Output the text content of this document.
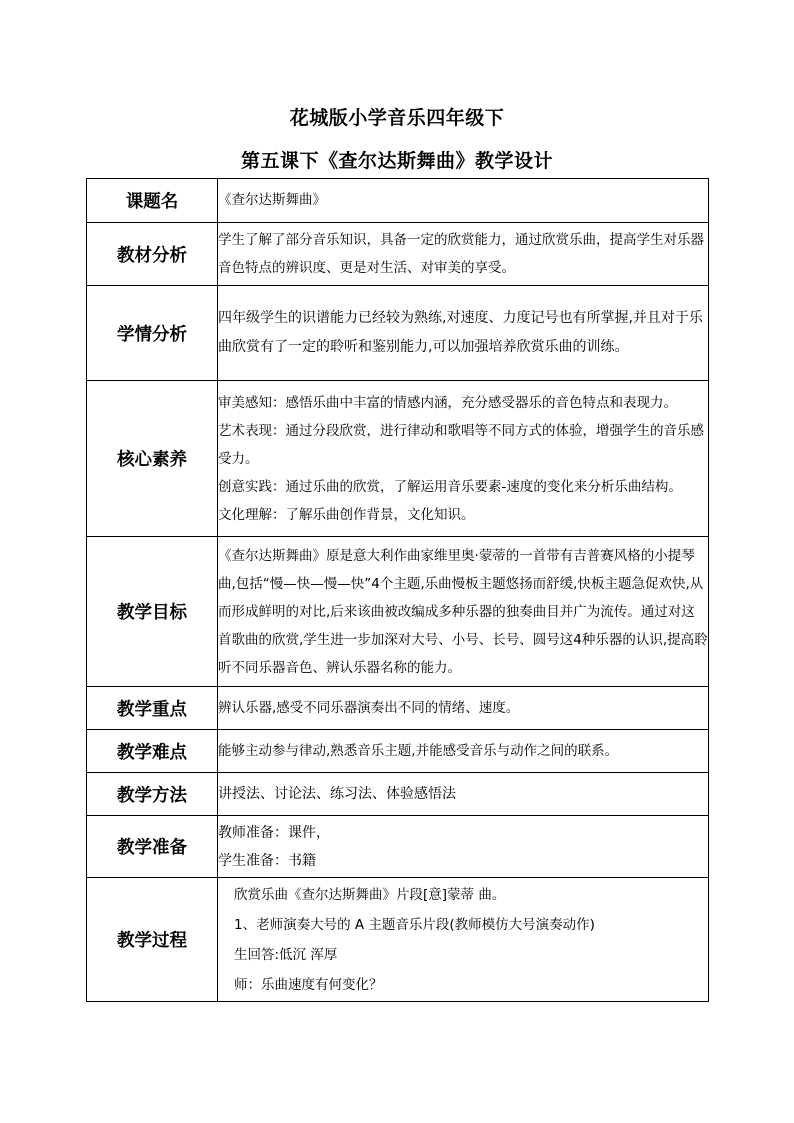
花城版小学音乐四年级下
第五课下《查尔达斯舞曲》教学设计
课题名	《查尔达斯舞曲》
教材分析	学生了解了部分音乐知识，具备一定的欣赏能力，通过欣赏乐曲，提高学生对乐器音色特点的辨识度、更是对生活、对审美的享受。
学情分析	四年级学生的识谱能力已经较为熟练,对速度、力度记号也有所掌握,并且对于乐曲欣赏有了一定的聆听和鉴别能力,可以加强培养欣赏乐曲的训练。
核心素养	审美感知：感悟乐曲中丰富的情感内涵，充分感受器乐的音色特点和表现力。

艺术表现：通过分段欣赏，进行律动和歌唱等不同方式的体验，增强学生的音乐感受力。

创意实践：通过乐曲的欣赏，了解运用音乐要素-速度的变化来分析乐曲结构。

文化理解：了解乐曲创作背景，文化知识。

教学目标	《查尔达斯舞曲》原是意大利作曲家维里奥·蒙蒂的一首带有吉普赛风格的小提琴曲,包括“慢—快—慢—快”4个主题,乐曲慢板主题悠扬而舒缓,快板主题急促欢快,从而形成鲜明的对比,后来该曲被改编成多种乐器的独奏曲目并广为流传。通过对这首歌曲的欣赏,学生进一步加深对大号、小号、长号、圆号这4种乐器的认识,提高聆听不同乐器音色、辨认乐器名称的能力。
教学重点	辨认乐器,感受不同乐器演奏出不同的情绪、速度。
教学难点	能够主动参与律动,熟悉音乐主题,并能感受音乐与动作之间的联系。
教学方法	讲授法、讨论法、练习法、体验感悟法
教学准备	教师准备：课件，

学生准备：书籍

教学过程	欣赏乐曲《查尔达斯舞曲》片段[意]蒙蒂 曲。

1、老师演奏大号的 A 主题音乐片段(教师模仿大号演奏动作)

生回答:低沉 浑厚

师：乐曲速度有何变化？
